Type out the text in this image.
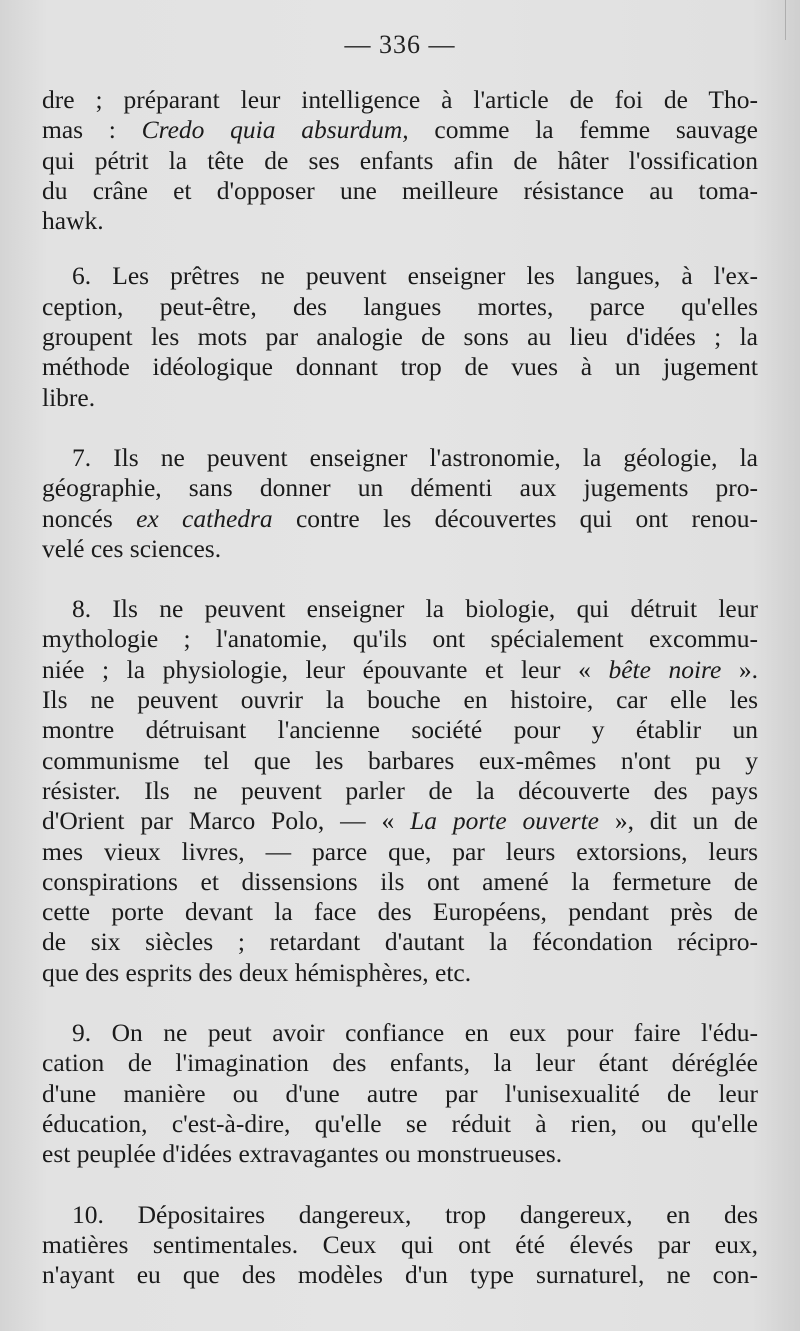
— 336 —

dre ; préparant leur intelligence à l'article de foi de Tho-
mas : Credo quia absurdum, comme la femme sauvage
qui pétrit la tête de ses enfants afin de hâter l'ossification
du crâne et d'opposer une meilleure résistance au toma-
hawk.

6. Les prêtres ne peuvent enseigner les langues, à l'ex-
ception, peut-être, des langues mortes, parce qu'elles
groupent les mots par analogie de sons au lieu d'idées ; la
méthode idéologique donnant trop de vues à un jugement
libre.

7. Ils ne peuvent enseigner l'astronomie, la géologie, la
géographie, sans donner un démenti aux jugements pro-
noncés ex cathedra contre les découvertes qui ont renou-
velé ces sciences.

8. Ils ne peuvent enseigner la biologie, qui détruit leur
mythologie ; l'anatomie, qu'ils ont spécialement excommu-
niée ; la physiologie, leur épouvante et leur « bête noire ».
Ils ne peuvent ouvrir la bouche en histoire, car elle les
montre détruisant l'ancienne société pour y établir un
communisme tel que les barbares eux-mêmes n'ont pu y
résister. Ils ne peuvent parler de la découverte des pays
d'Orient par Marco Polo, — « La porte ouverte », dit un de
mes vieux livres, — parce que, par leurs extorsions, leurs
conspirations et dissensions ils ont amené la fermeture de
cette porte devant la face des Européens, pendant près de
de six siècles ; retardant d'autant la fécondation récipro-
que des esprits des deux hémisphères, etc.

9. On ne peut avoir confiance en eux pour faire l'édu-
cation de l'imagination des enfants, la leur étant déréglée
d'une manière ou d'une autre par l'unisexualité de leur
éducation, c'est-à-dire, qu'elle se réduit à rien, ou qu'elle
est peuplée d'idées extravagantes ou monstrueuses.

10. Dépositaires dangereux, trop dangereux, en des
matières sentimentales. Ceux qui ont été élevés par eux,
n'ayant eu que des modèles d'un type surnaturel, ne con-
